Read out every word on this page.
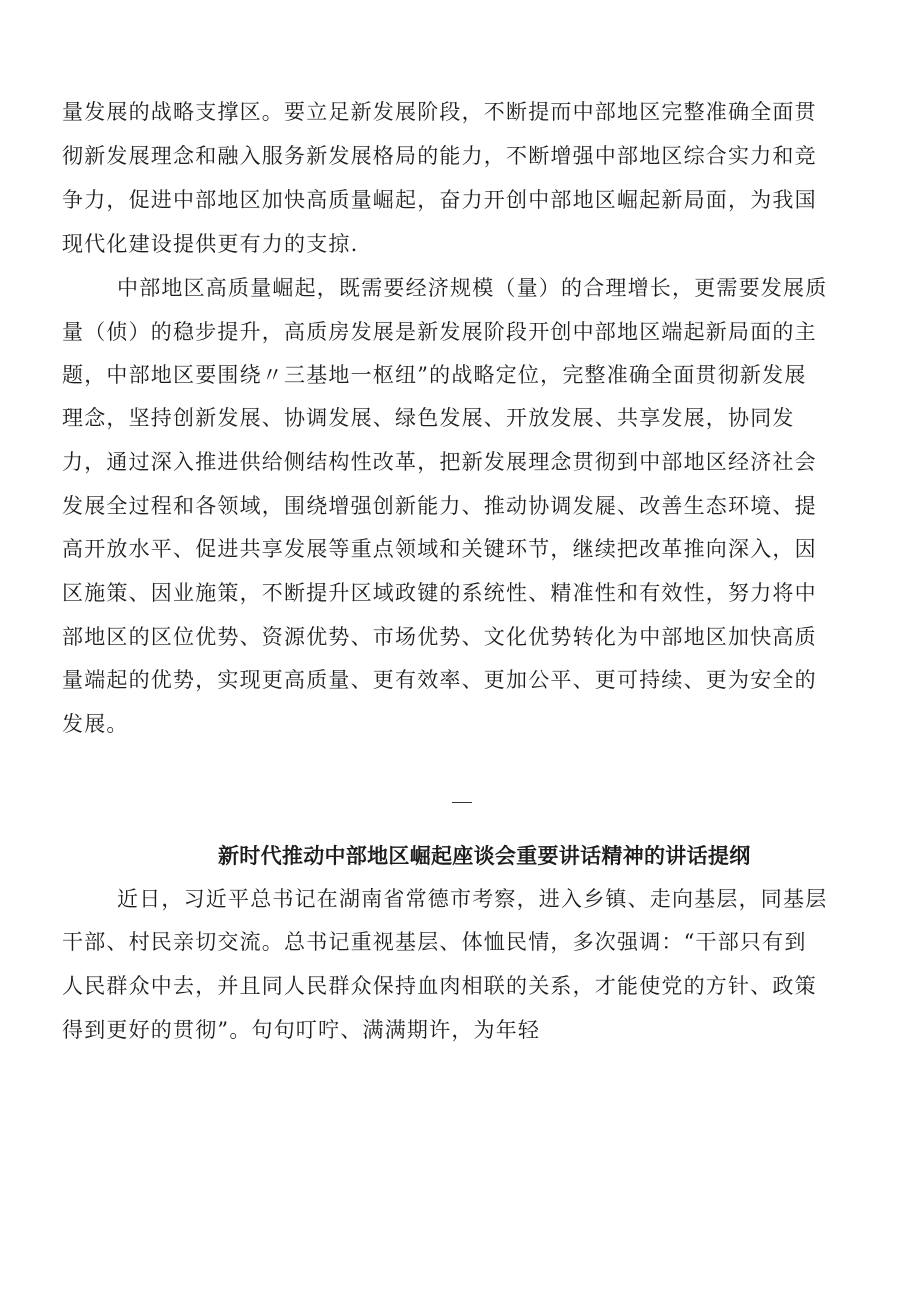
量发展的战略支撑区。要立足新发展阶段，不断提而中部地区完整准确全面贯
彻新发展理念和融入服务新发展格局的能力，不断增强中部地区综合实力和竞
争力，促进中部地区加快高质量崛起，奋力开创中部地区崛起新局面，为我国
现代化建设提供更有力的支掠.
中部地区高质量崛起，既需要经济规模（量）的合理增长，更需要发展质
量（侦）的稳步提升，高质房发展是新发展阶段开创中部地区端起新局面的主
题，中部地区要围绕〃三基地一枢纽”的战略定位，完整准确全面贯彻新发展
理念，坚持创新发展、协调发展、绿色发展、开放发展、共享发展，协同发
力，通过深入推进供给侧结构性改革，把新发展理念贯彻到中部地区经济社会
发展全过程和各领域，围绕增强创新能力、推动协调发屣、改善生态环境、提
高开放水平、促进共享发展等重点领域和关键环节，继续把改革推向深入，因
区施策、因业施策，不断提升区域政键的系统性、精准性和有效性，努力将中
部地区的区位优势、资源优势、市场优势、文化优势转化为中部地区加快高质
量端起的优势，实现更高质量、更有效率、更加公平、更可持续、更为安全的
发展。
新时代推动中部地区崛起座谈会重要讲话精神的讲话提纲
近日，习近平总书记在湖南省常德市考察，进入乡镇、走向基层，同基层
干部、村民亲切交流。总书记重视基层、体恤民情，多次强调：“干部只有到
人民群众中去，并且同人民群众保持血肉相联的关系，才能使党的方针、政策
得到更好的贯彻”。句句叮咛、满满期许，为年轻
